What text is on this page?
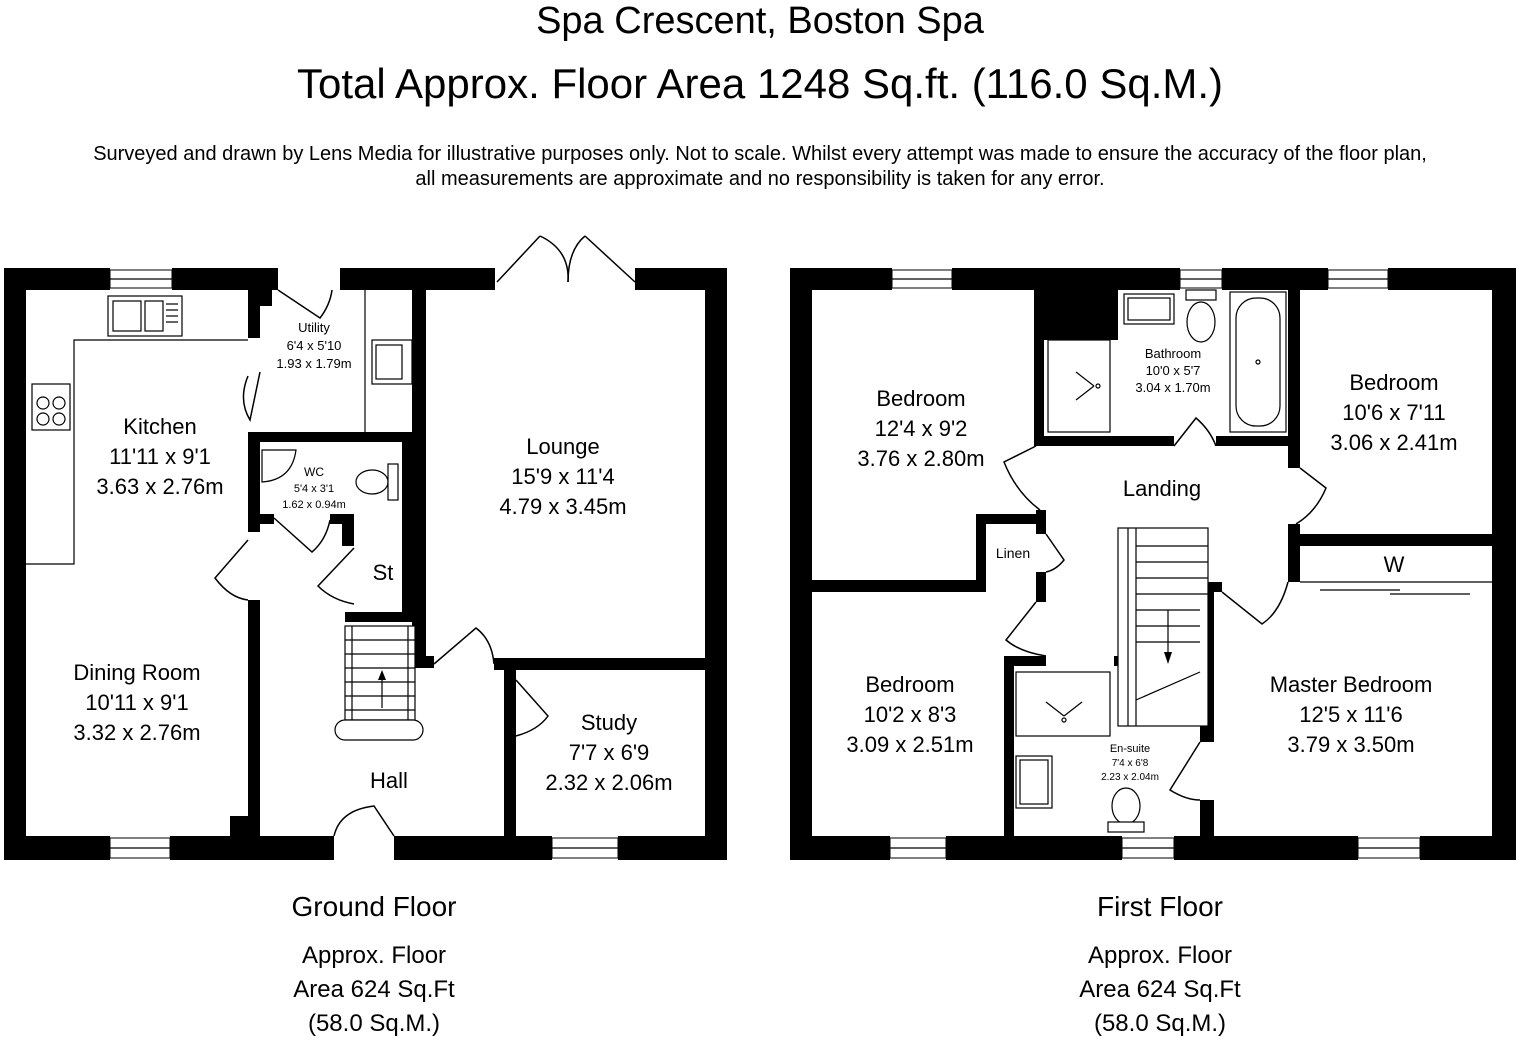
Spa Crescent, Boston Spa
Total Approx. Floor Area 1248 Sq.ft. (116.0 Sq.M.)
Surveyed and drawn by Lens Media for illustrative purposes only. Not to scale. Whilst every attempt was made to ensure the accuracy of the floor plan,
all measurements are approximate and no responsibility is taken for any error.
Kitchen
11'11 x 9'1
3.63 x 2.76m
Utility
6'4 x 5'10
1.93 x 1.79m
WC
5'4 x 3'1
1.62 x 0.94m
Lounge
15'9 x 11'4
4.79 x 3.45m
St
Dining Room
10'11 x 9'1
3.32 x 2.76m	Study
7'7 x 6'9
2.32 x 2.06m
Hall
Ground Floor
Approx. Floor
Area 624 Sq.Ft
(58.0 Sq.M.)
Bedroom
12'4 x 9'2
3.76 x 2.80m
Bathroom
10'0 x 5'7
3.04 x 1.70m	Bedroom
10'6 x 7'11
3.06 x 2.41m
Landing
Linen	W
Bedroom
10'2 x 8'3
3.09 x 2.51m
Master Bedroom
12'5 x 11'6
3.79 x 3.50m
En-suite
7'4 x 6'8
2.23 x 2.04m
First Floor
Approx. Floor
Area 624 Sq.Ft
(58.0 Sq.M.)
